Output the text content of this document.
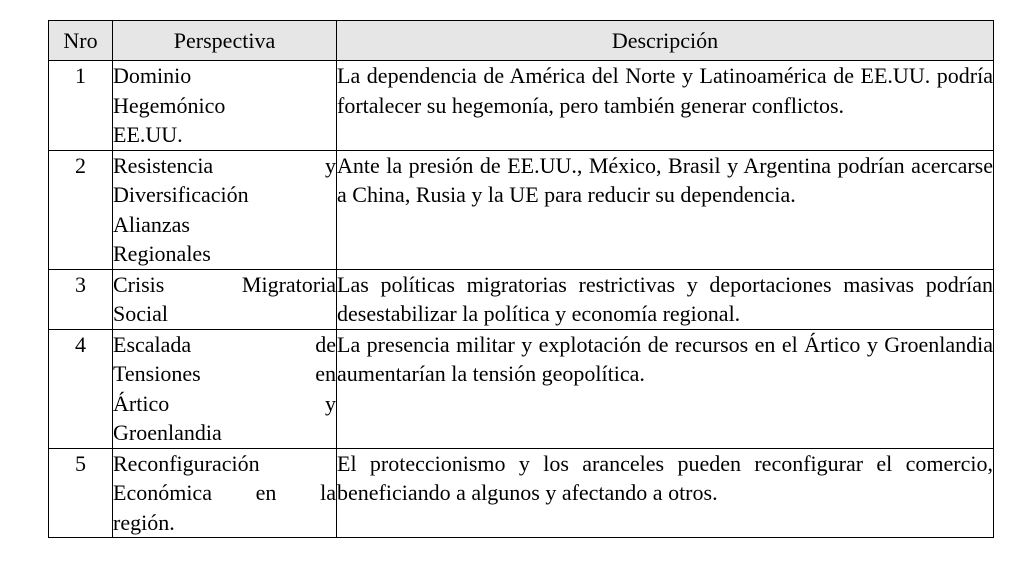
Nro	Perspectiva	Descripción
1	Dominio
Hegemónico
EE.UU.	La dependencia de América del Norte y Latinoamérica de EE.UU. podría fortalecer su hegemonía, pero también generar conflictos.
2	Resistencia y
Diversificación
Alianzas
Regionales	Ante la presión de EE.UU., México, Brasil y Argentina podrían acercarse a China, Rusia y la UE para reducir su dependencia.
3	Crisis Migratoria
Social	Las políticas migratorias restrictivas y deportaciones masivas podrían desestabilizar la política y economía regional.
4	Escalada de
Tensiones en
Ártico y
Groenlandia	La presencia militar y explotación de recursos en el Ártico y Groenlandia aumentarían la tensión geopolítica.
5	Reconfiguración
Económica en la
región.	El proteccionismo y los aranceles pueden reconfigurar el comercio, beneficiando a algunos y afectando a otros.
